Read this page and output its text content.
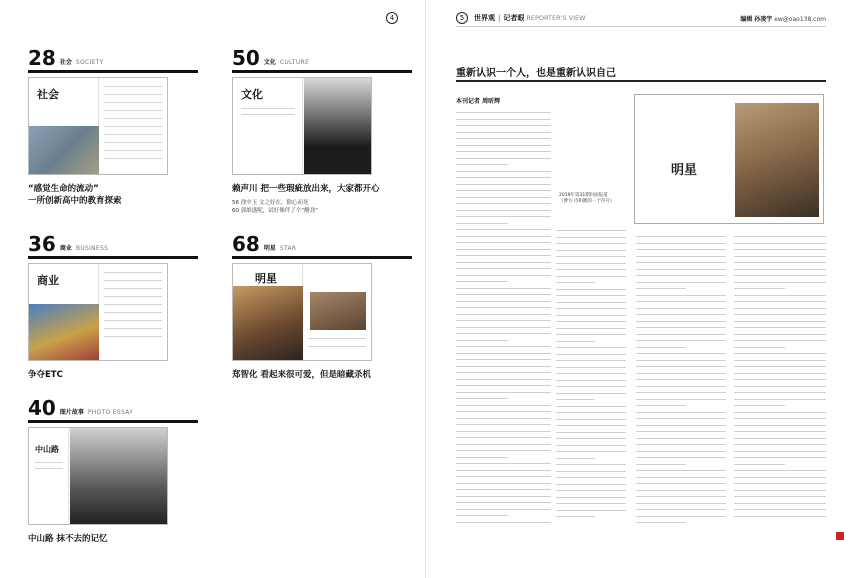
4
28 社会 SOCIETY
社会
“感觉生命的流动”
一所创新高中的教育探索
50 文化 CULTURE
文化
赖声川 把一些瑕疵放出来，大家都开心
56 徐中玉 文之好在，除心而死
60 郭维盛呢，试好像伴了个“醋劲”
36 商业 BUSINESS
商业
争夺ETC
68 明星 STAR
明星
郑智化 看起来很可爱，但是暗藏杀机
40 图片故事 PHOTO ESSAY
中山路
中山路 抹不去的记忆
5	世界观 | 记者眼 REPORTER'S VIEW	编辑 孙凌宇 ew@oao138.com
重新认识一个人，也是重新认识自己
本刊记者 周昕辉
明星
2019年第31期封面报道
《曹方 诗和她的一个符号》
